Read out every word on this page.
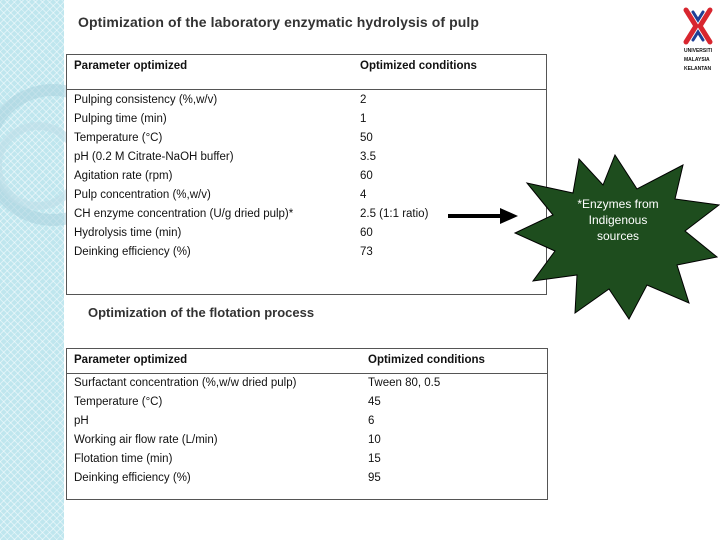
Optimization of the laboratory enzymatic hydrolysis of pulp
UNIVERSITI
MALAYSIA
KELANTAN
Parameter optimized	Optimized conditions
Pulping consistency (%,w/v)	2
Pulping time (min)	1
Temperature (°C)	50
pH (0.2 M Citrate-NaOH buffer)	3.5
Agitation rate (rpm)	60
Pulp concentration (%,w/v)	4
CH enzyme concentration (U/g dried pulp)*	2.5 (1:1 ratio)
Hydrolysis time (min)	60
Deinking efficiency (%)	73
*Enzymes from
Indigenous
sources
Optimization of the flotation process
Parameter optimized	Optimized conditions
Surfactant concentration (%,w/w dried pulp)	Tween 80, 0.5
Temperature (°C)	45
pH	6
Working air flow rate (L/min)	10
Flotation time (min)	15
Deinking efficiency (%)	95
